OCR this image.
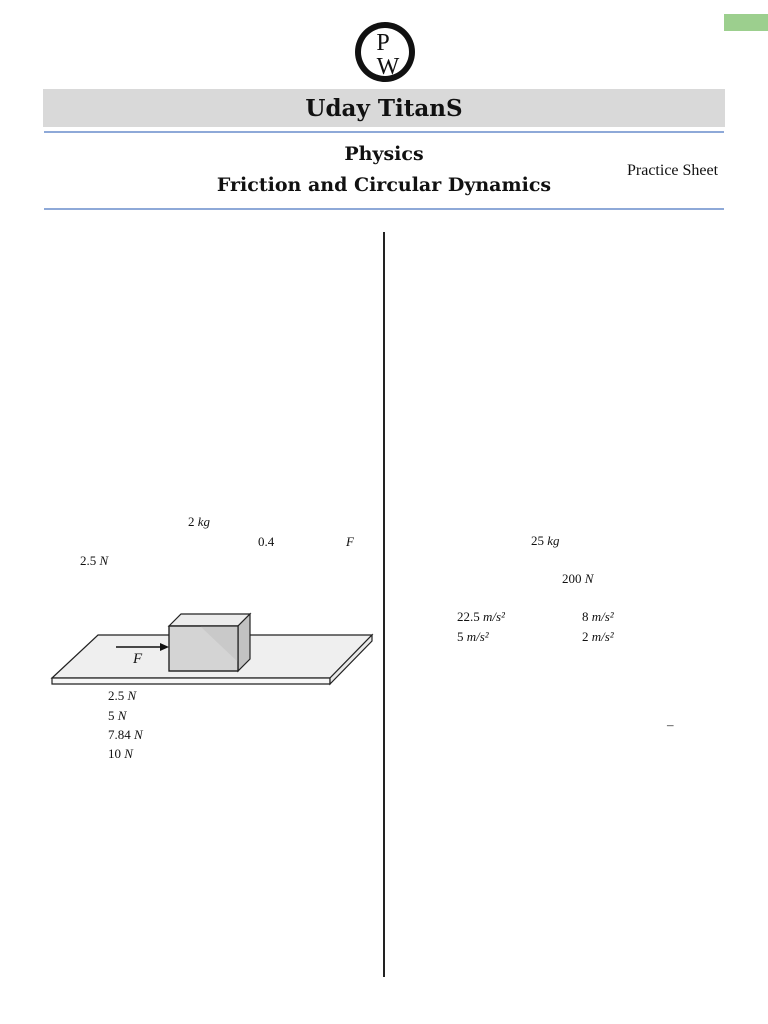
P
W
Uday TitanS
Physics
Friction and Circular Dynamics
Practice Sheet
2 kg
0.4	F
2.5 N
F
2.5 N
5 N
7.84 N
10 N
25 kg
200 N
22.5 m/s²	8 m/s²
5 m/s²	2 m/s²
–
